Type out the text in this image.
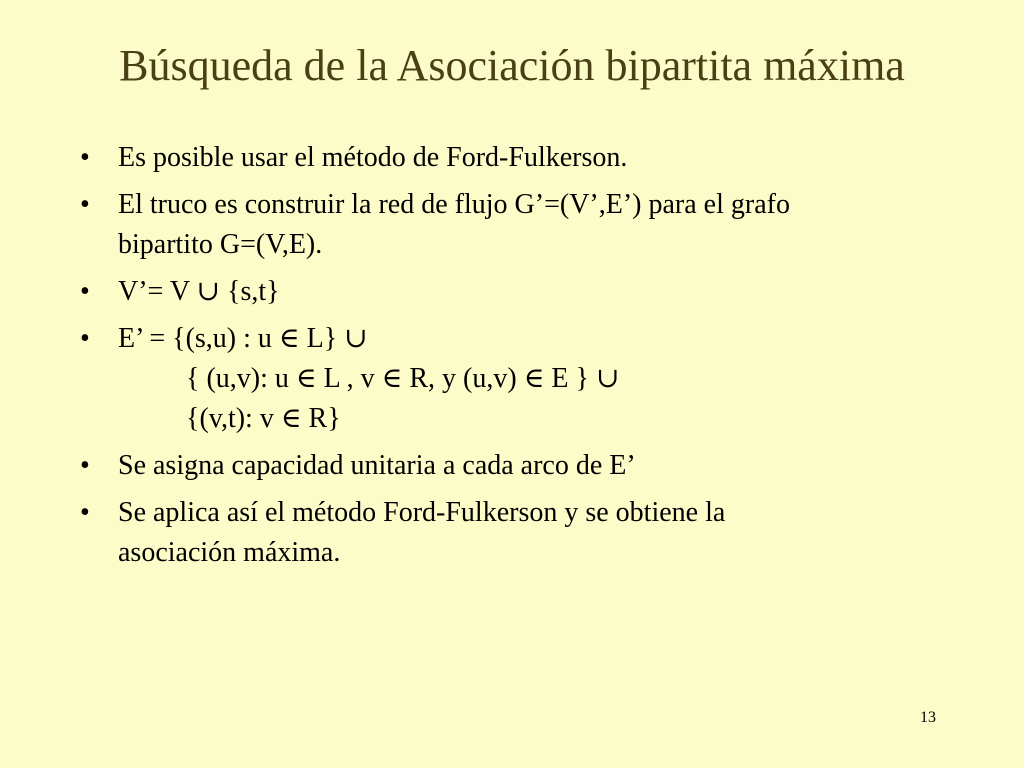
Búsqueda de la Asociación bipartita máxima
•	Es posible usar el método de Ford-Fulkerson.
•	El truco es construir la red de flujo G’=(V’,E’) para el grafo
bipartito G=(V,E).
•	V’= V ∪ {s,t}
•	E’ = {(s,u) : u ∈ L} ∪
{ (u,v): u ∈ L , v ∈ R, y (u,v) ∈ E } ∪
{(v,t): v ∈ R}
•	Se asigna capacidad unitaria a cada arco de E’
•	Se aplica así el método Ford-Fulkerson y se obtiene la
asociación máxima.
13
